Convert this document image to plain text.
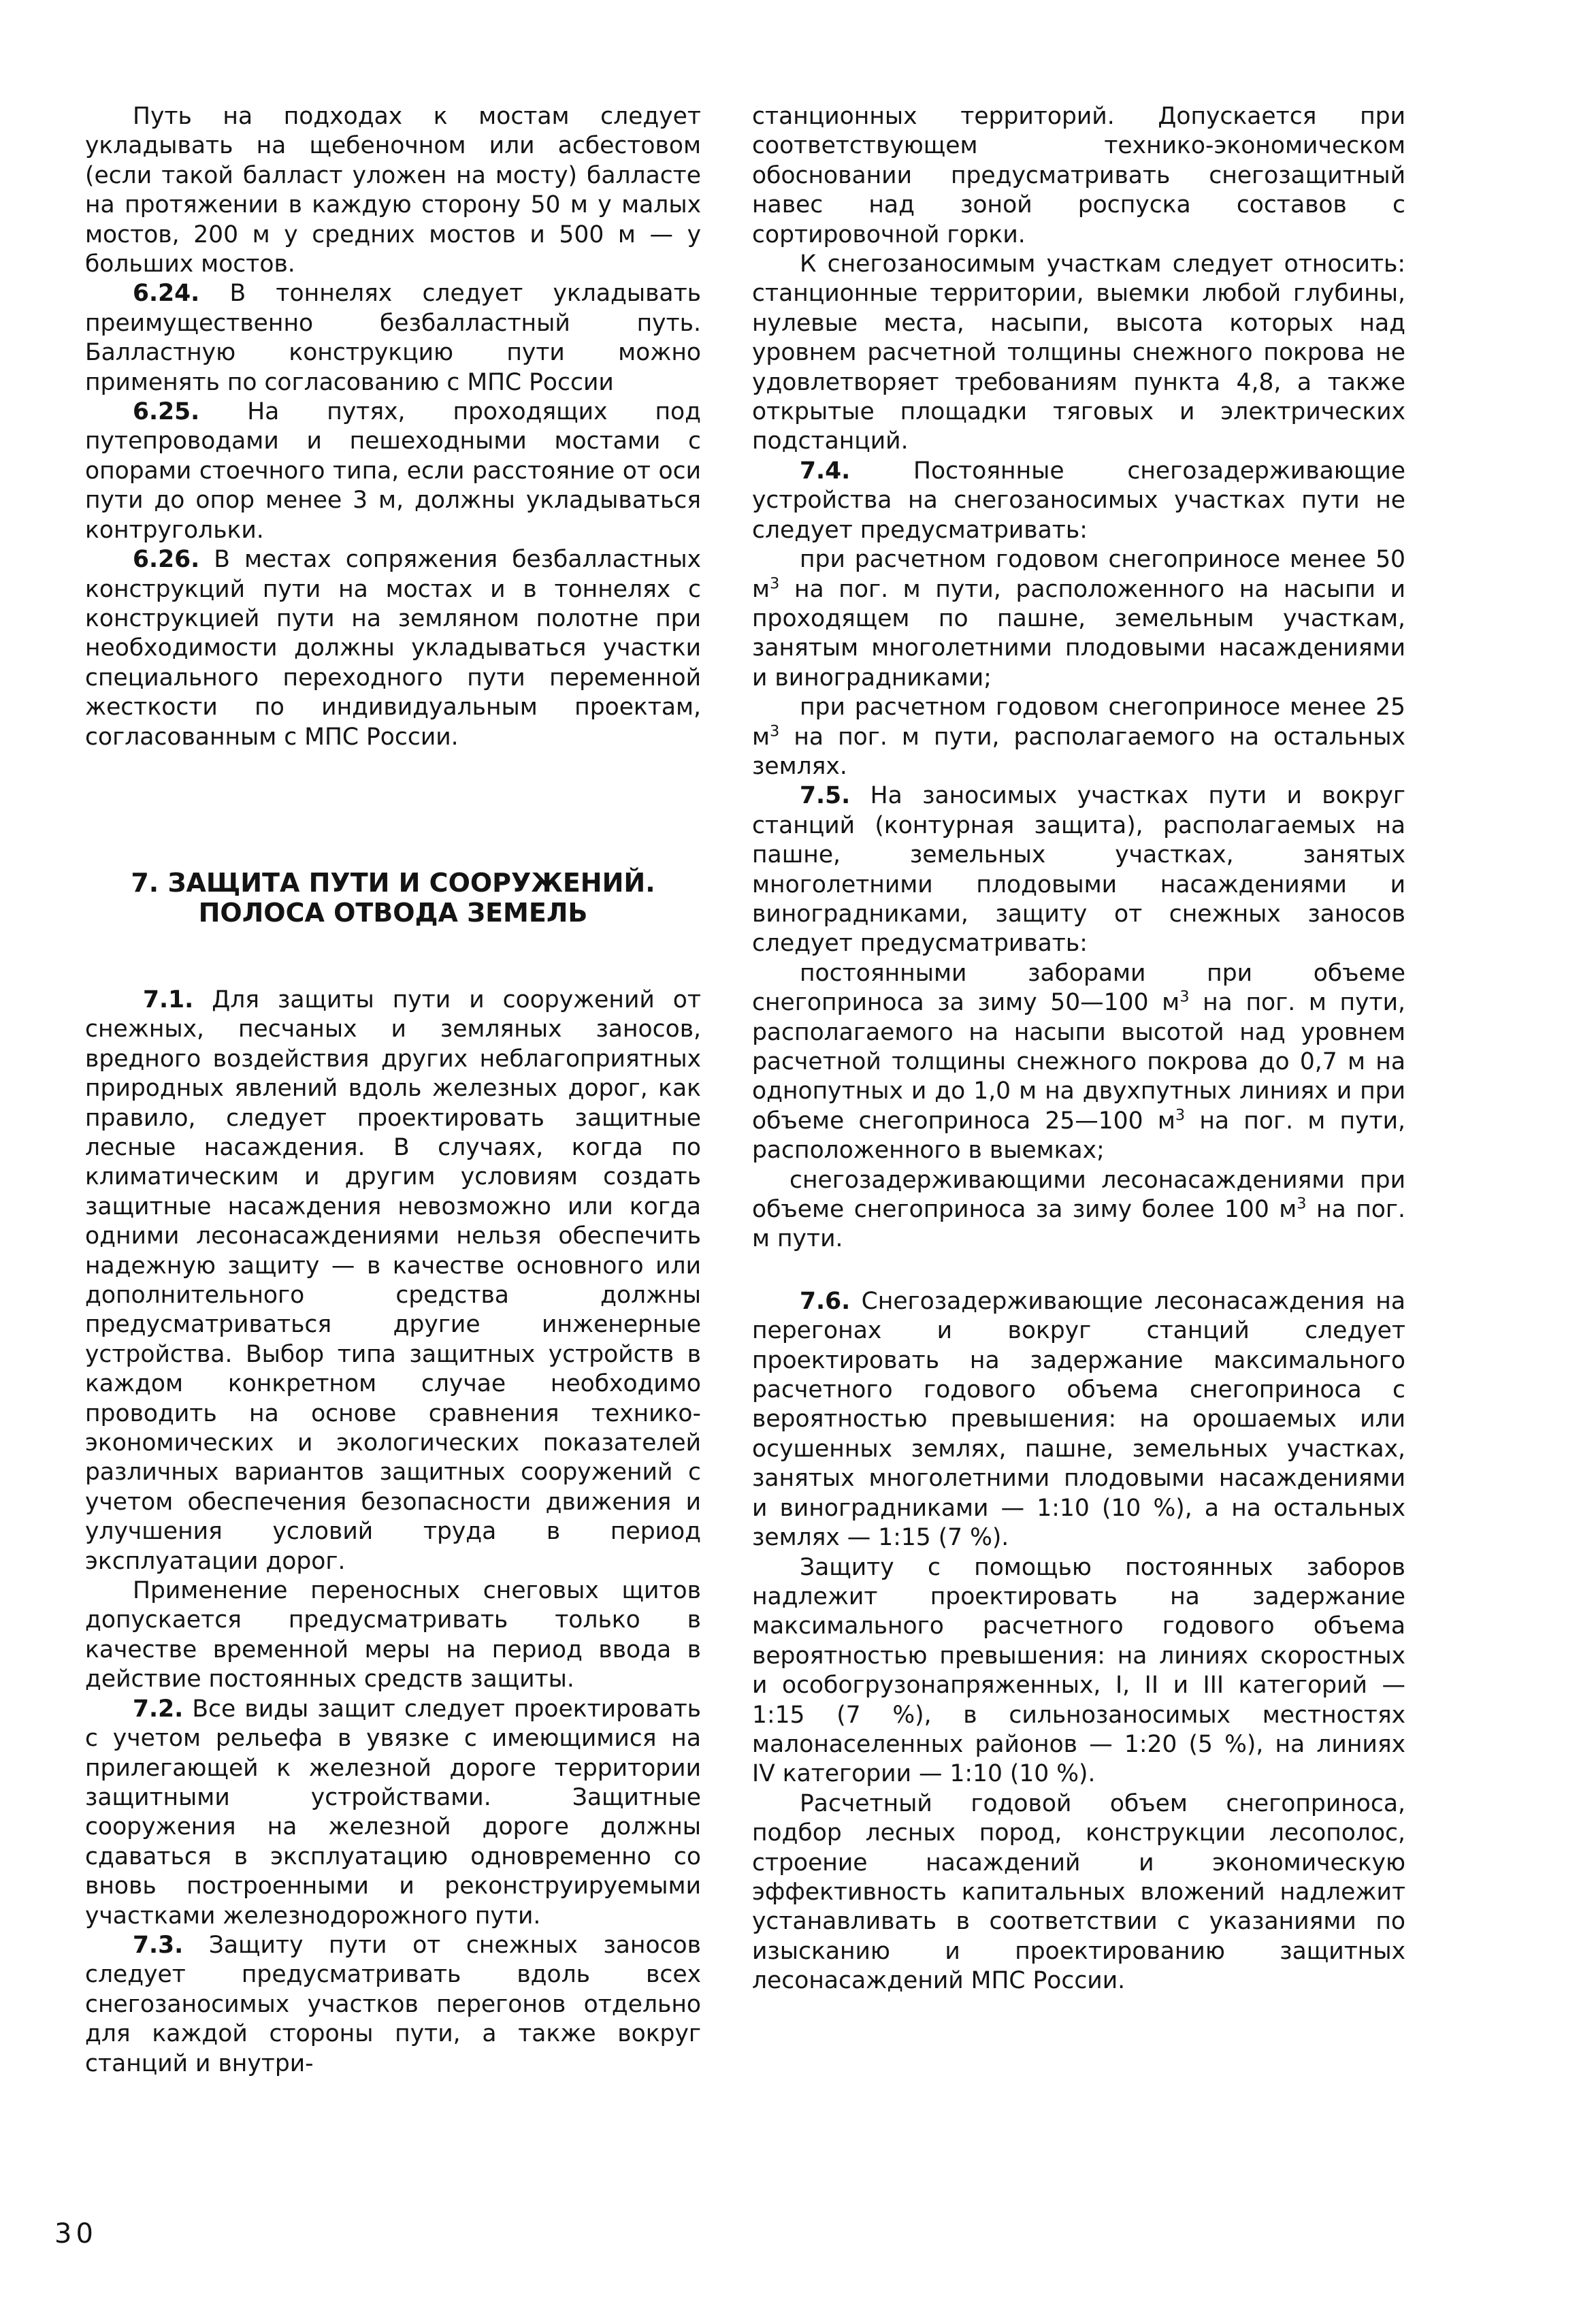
Путь на подходах к мостам следует укладывать на щебеночном или асбестовом (если такой балласт уложен на мосту) балласте на протяжении в каждую сторону 50 м у малых мостов, 200 м у средних мостов и 500 м — у больших мостов.

6.24. В тоннелях следует укладывать преимущественно безбалластный путь. Балластную конструкцию пути можно применять по согласованию с МПС России

6.25. На путях, проходящих под путепроводами и пешеходными мостами с опорами стоечного типа, если расстояние от оси пути до опор менее 3 м, должны укладываться контругольки.

6.26. В местах сопряжения безбалластных конструкций пути на мостах и в тоннелях с конструкцией пути на земляном полотне при необходимости должны укладываться участки специального переходного пути переменной жесткости по индивидуальным проектам, согласованным с МПС России.

7. ЗАЩИТА ПУТИ И СООРУЖЕНИЙ.
ПОЛОСА ОТВОДА ЗЕМЕЛЬ

7.1. Для защиты пути и сооружений от снежных, песчаных и земляных заносов, вредного воздействия других неблагоприятных природных явлений вдоль железных дорог, как правило, следует проектировать защитные лесные насаждения. В случаях, когда по климатическим и другим условиям создать защитные насаждения невозможно или когда одними лесонасаждениями нельзя обеспечить надежную защиту — в качестве основного или дополнительного средства должны предусматриваться другие инженерные устройства. Выбор типа защитных устройств в каждом конкретном случае необходимо проводить на основе сравнения технико-экономических и экологических показателей различных вариантов защитных сооружений с учетом обеспечения безопасности движения и улучшения условий труда в период эксплуатации дорог.

Применение переносных снеговых щитов допускается предусматривать только в качестве временной меры на период ввода в действие постоянных средств защиты.

7.2. Все виды защит следует проектировать с учетом рельефа в увязке с имеющимися на прилегающей к железной дороге территории защитными устройствами. Защитные сооружения на железной дороге должны сдаваться в эксплуатацию одновременно со вновь построенными и реконструируемыми участками железнодорожного пути.

7.3. Защиту пути от снежных заносов следует предусматривать вдоль всех снегозаносимых участков перегонов отдельно для каждой стороны пути, а также вокруг станций и внутри-

станционных территорий. Допускается при соответствующем технико-экономическом обосновании предусматривать снегозащитный навес над зоной роспуска составов с сортировочной горки.

К снегозаносимым участкам следует относить: станционные территории, выемки любой глубины, нулевые места, насыпи, высота которых над уровнем расчетной толщины снежного покрова не удовлетворяет требованиям пункта 4,8, а также открытые площадки тяговых и электрических подстанций.

7.4.	Постоянные снегозадерживающие устройства на снегозаносимых участках пути не следует предусматривать:

при расчетном годовом снегоприносе менее 50 $м^3$ на пог. м пути, расположенного на насыпи и проходящем по пашне, земельным участкам, занятым многолетними плодовыми насаждениями и виноградниками;

при расчетном годовом снегоприносе менее 25 $м^3$ на пог. м пути, располагаемого на остальных землях.

7.5. На заносимых участках пути и вокруг станций (контурная защита), располагаемых на пашне, земельных участках, занятых многолетними плодовыми насаждениями и виноградниками, защиту от снежных заносов следует предусматривать:

постоянными заборами при объеме снегоприноса за зиму 50—100 $м^3$ на пог. м пути, располагаемого на насыпи высотой над уровнем расчетной толщины снежного покрова до 0,7 м на однопутных и до 1,0 м на двухпутных линиях и при объеме снегоприноса 25—100 $м^3$ на пог. м пути, расположенного в выемках;

снегозадерживающими лесонасаждениями при объеме снегоприноса за зиму более 100 $м^3$ на пог. м пути.

7.6. Снегозадерживающие лесонасаждения на перегонах и вокруг станций следует проектировать на задержание максимального расчетного годового объема снегоприноса с вероятностью превышения: на орошаемых или осушенных землях, пашне, земельных участках, занятых многолетними плодовыми насаждениями и виноградниками — 1:10 (10 %), а на остальных землях — 1:15 (7 %).

Защиту с помощью постоянных заборов надлежит проектировать на задержание максимального расчетного годового объема вероятностью превышения: на линиях скоростных и особогрузонапряженных, I, II и III категорий — 1:15 (7 %), в сильнозаносимых местностях малонаселенных районов — 1:20 (5 %), на линиях IV категории — 1:10 (10 %).

Расчетный годовой объем снегоприноса, подбор лесных пород, конструкции лесополос, строение насаждений и экономическую эффективность капитальных вложений надлежит устанавливать в соответствии с указаниями по изысканию и проектированию защитных лесонасаждений МПС России.

30
